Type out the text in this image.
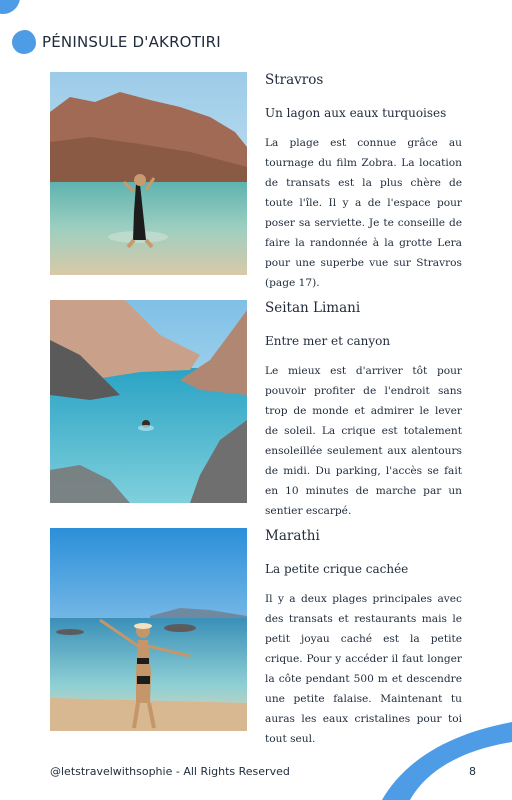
PÉNINSULE D'AKROTIRI
Stravros
Un lagon aux eaux turquoises
La plage est connue grâce au tournage du film Zobra. La location de transats est la plus chère de toute l'île. Il y a de l'espace pour poser sa serviette. Je te conseille de faire la randonnée à la grotte Lera pour une superbe vue sur Stravros (page 17).
Seitan Limani
Entre mer et canyon
Le mieux est d'arriver tôt pour pouvoir profiter de l'endroit sans trop de monde et admirer le lever de soleil. La crique est totalement ensoleillée seulement aux alentours de midi. Du parking, l'accès se fait en 10 minutes de marche par un sentier escarpé.
Marathi
La petite crique cachée
Il y a deux plages principales avec des transats et restaurants mais le petit joyau caché est la petite crique. Pour y accéder il faut longer la côte pendant 500 m et descendre une petite falaise. Maintenant tu auras les eaux cristalines pour toi tout seul.
@letstravelwithsophie - All Rights Reserved	8
